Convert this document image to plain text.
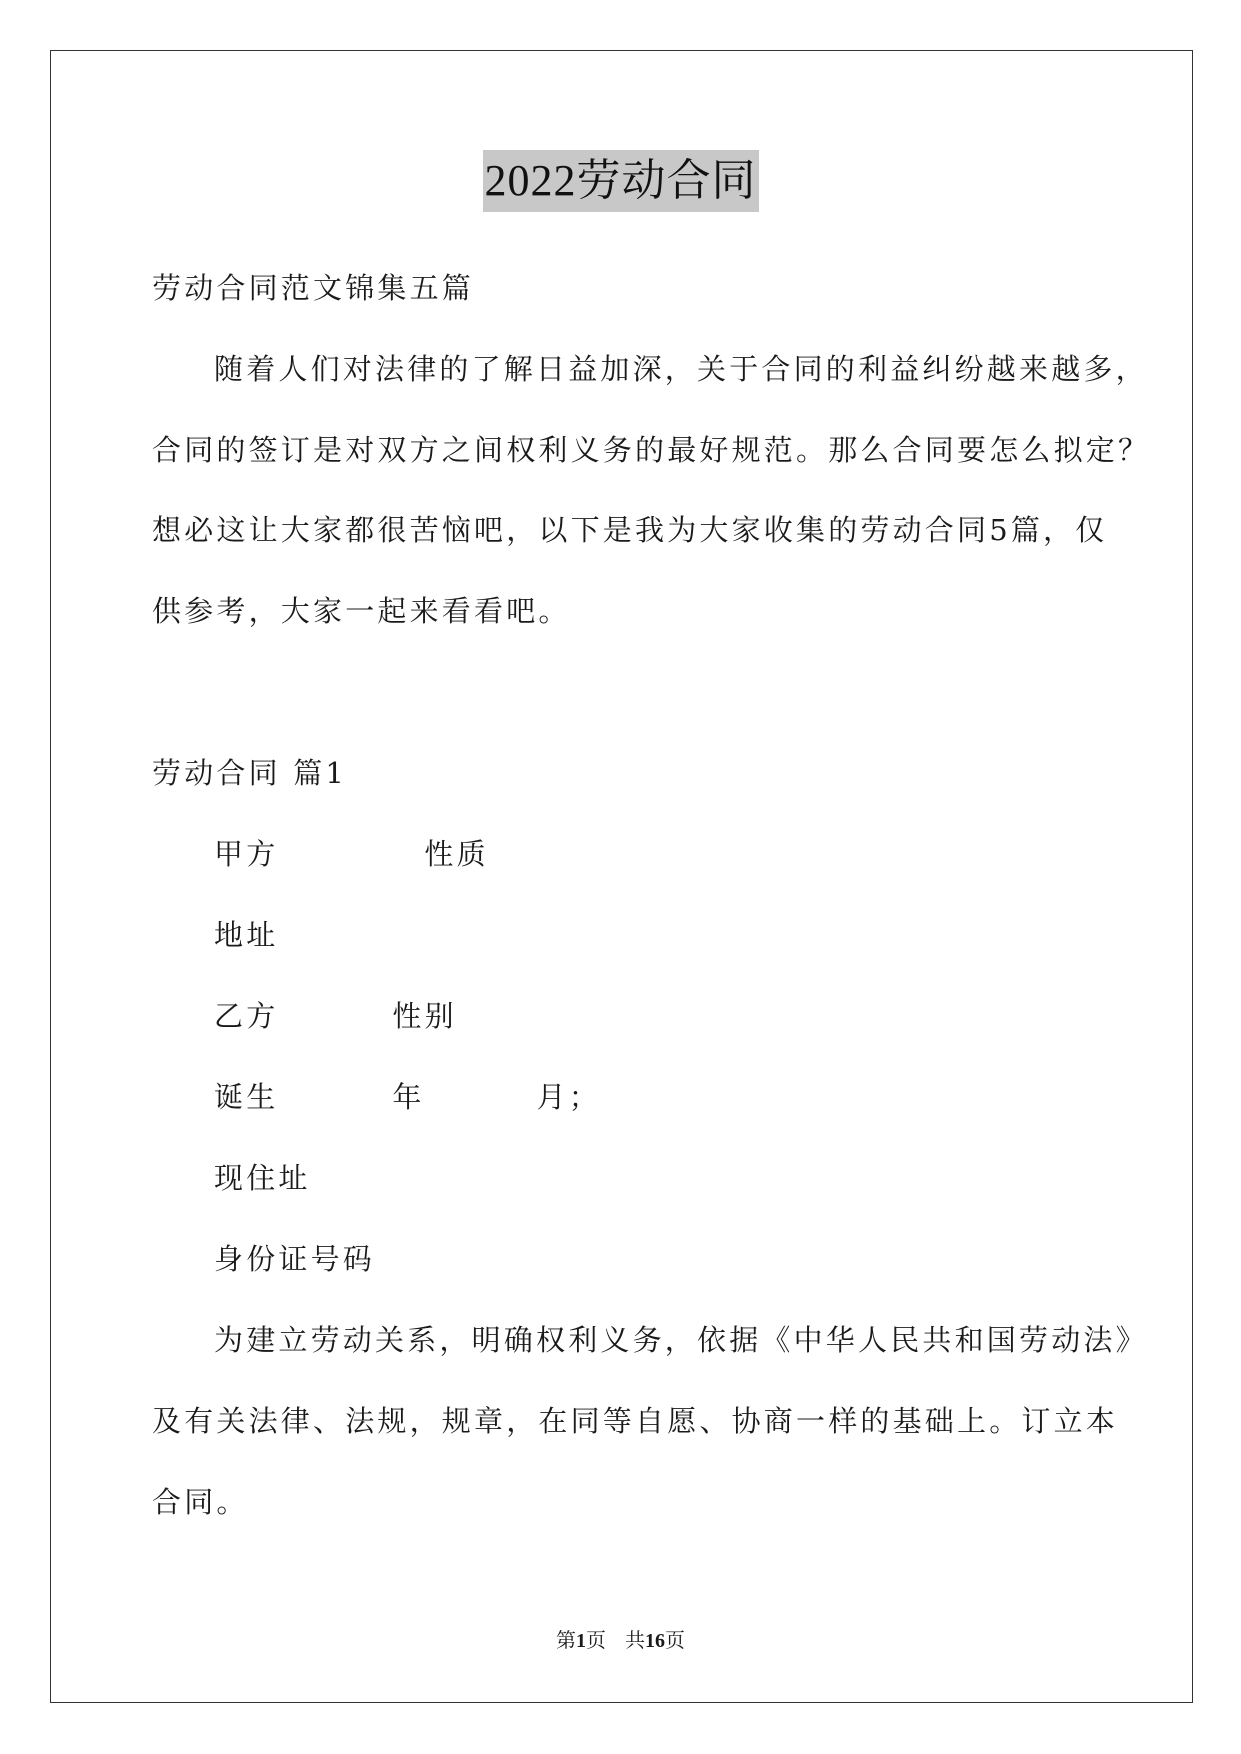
2022劳动合同
劳动合同范文锦集五篇
随着人们对法律的了解日益加深，关于合同的利益纠纷越来越多，
合同的签订是对双方之间权利义务的最好规范。那么合同要怎么拟定？
想必这让大家都很苦恼吧，以下是我为大家收集的劳动合同5篇，仅
供参考，大家一起来看看吧。
劳动合同 篇1
甲方	性质
地址
乙方	性别
诞生	年	月；
现住址
身份证号码
为建立劳动关系，明确权利义务，依据《中华人民共和国劳动法》
及有关法律、法规，规章，在同等自愿、协商一样的基础上。订立本
合同。
第1页 共16页
